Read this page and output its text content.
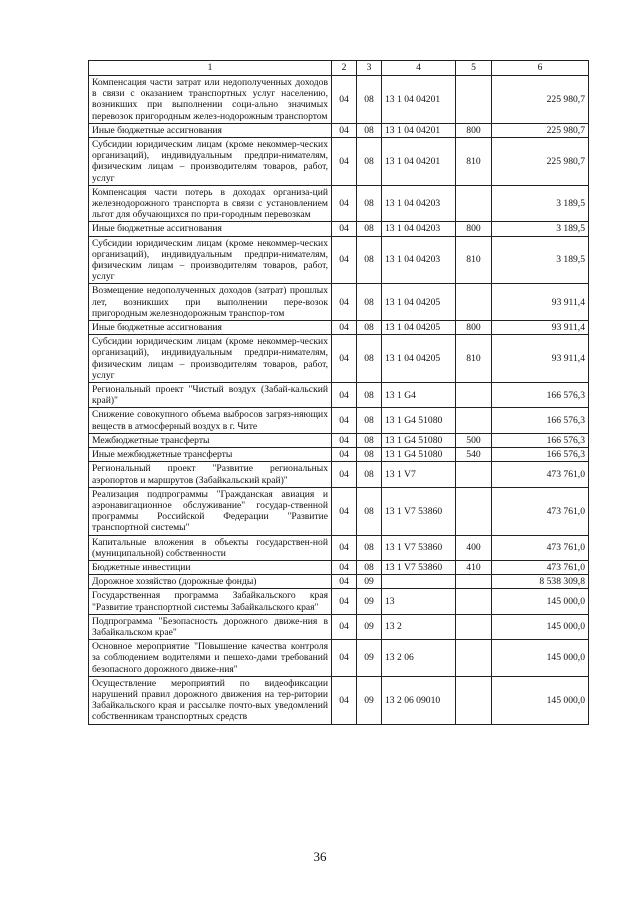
1	2	3	4	5	6
Компенсация части затрат или недополученных доходов в связи с оказанием транспортных услуг населению, возникших при выполнении соци-ально значимых перевозок пригородным желез-нодорожным транспортом	04	08	13 1 04 04201		225 980,7
Иные бюджетные ассигнования	04	08	13 1 04 04201	800	225 980,7
Субсидии юридическим лицам (кроме некоммер-ческих организаций), индивидуальным предпри-нимателям, физическим лицам – производителям товаров, работ, услуг	04	08	13 1 04 04201	810	225 980,7
Компенсация части потерь в доходах организа-ций железнодорожного транспорта в связи с установлением льгот для обучающихся по при-городным перевозкам	04	08	13 1 04 04203		3 189,5
Иные бюджетные ассигнования	04	08	13 1 04 04203	800	3 189,5
Субсидии юридическим лицам (кроме некоммер-ческих организаций), индивидуальным предпри-нимателям, физическим лицам – производителям товаров, работ, услуг	04	08	13 1 04 04203	810	3 189,5
Возмещение недополученных доходов (затрат) прошлых лет, возникших при выполнении пере-возок пригородным железнодорожным транспор-том	04	08	13 1 04 04205		93 911,4
Иные бюджетные ассигнования	04	08	13 1 04 04205	800	93 911,4
Субсидии юридическим лицам (кроме некоммер-ческих организаций), индивидуальным предпри-нимателям, физическим лицам – производителям товаров, работ, услуг	04	08	13 1 04 04205	810	93 911,4
Региональный проект "Чистый воздух (Забай-кальский край)"	04	08	13 1 G4		166 576,3
Снижение совокупного объема выбросов загряз-няющих веществ в атмосферный воздух в г. Чите	04	08	13 1 G4 51080		166 576,3
Межбюджетные трансферты	04	08	13 1 G4 51080	500	166 576,3
Иные межбюджетные трансферты	04	08	13 1 G4 51080	540	166 576,3
Региональный проект "Развитие региональных аэропортов и маршрутов (Забайкальский край)"	04	08	13 1 V7		473 761,0
Реализация подпрограммы "Гражданская авиация и аэронавигационное обслуживание" государ-ственной программы Российской Федерации "Развитие транспортной системы"	04	08	13 1 V7 53860		473 761,0
Капитальные вложения в объекты государствен-ной (муниципальной) собственности	04	08	13 1 V7 53860	400	473 761,0
Бюджетные инвестиции	04	08	13 1 V7 53860	410	473 761,0
Дорожное хозяйство (дорожные фонды)	04	09			8 538 309,8
Государственная программа Забайкальского края "Развитие транспортной системы Забайкальского края"	04	09	13		145 000,0
Подпрограмма "Безопасность дорожного движе-ния в Забайкальском крае"	04	09	13 2		145 000,0
Основное мероприятие "Повышение качества контроля за соблюдением водителями и пешехо-дами требований безопасного дорожного движе-ния"	04	09	13 2 06		145 000,0
Осуществление мероприятий по видеофиксации нарушений правил дорожного движения на тер-ритории Забайкальского края и рассылке почто-вых уведомлений собственникам транспортных средств	04	09	13 2 06 09010		145 000,0
36
